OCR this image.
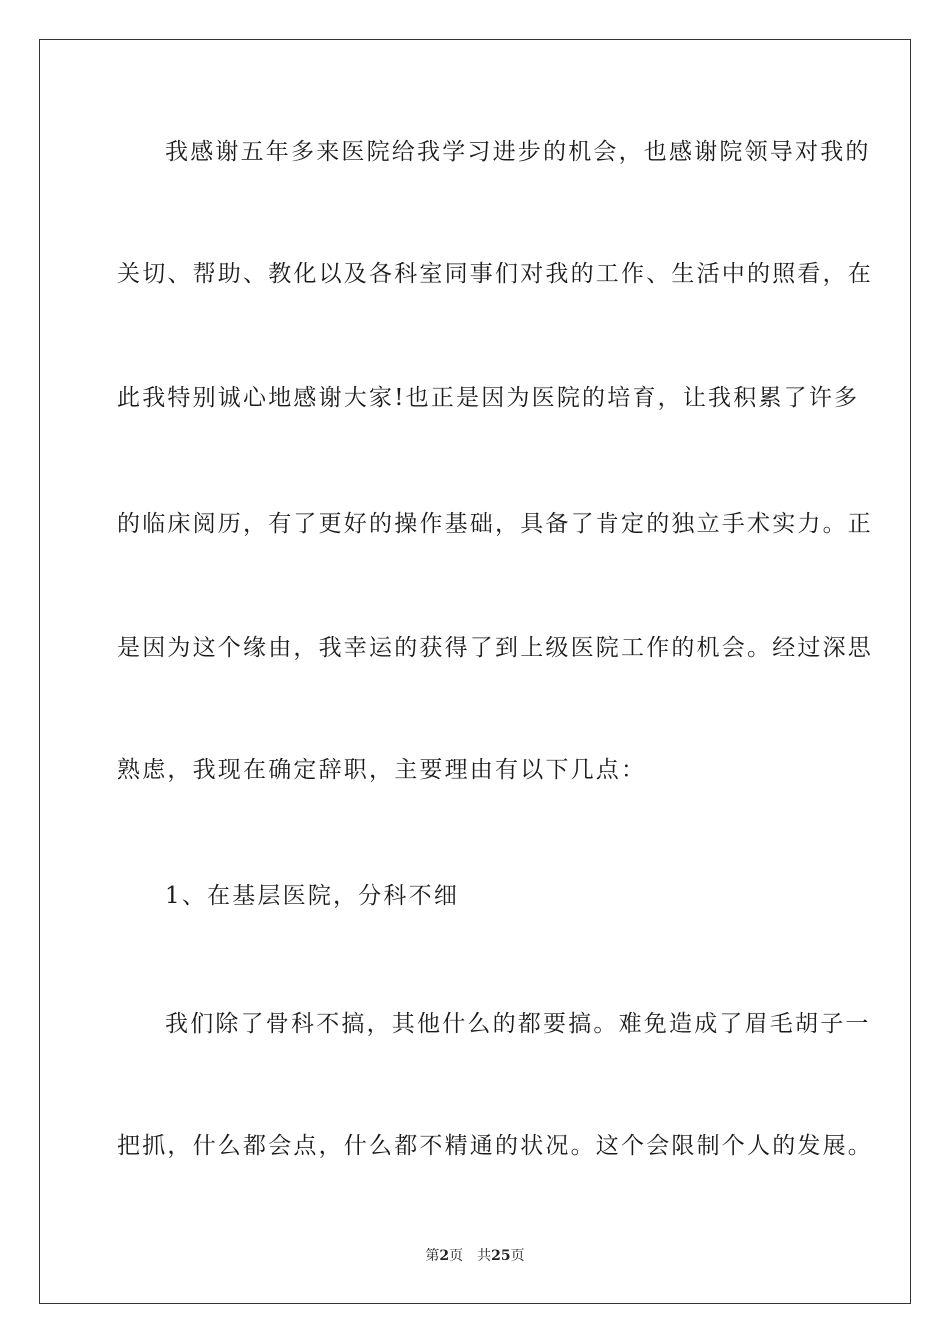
我感谢五年多来医院给我学习进步的机会，也感谢院领导对我的
关切、帮助、教化以及各科室同事们对我的工作、生活中的照看，在
此我特别诚心地感谢大家!也正是因为医院的培育，让我积累了许多
的临床阅历，有了更好的操作基础，具备了肯定的独立手术实力。正
是因为这个缘由，我幸运的获得了到上级医院工作的机会。经过深思
熟虑，我现在确定辞职，主要理由有以下几点：
1、在基层医院，分科不细
我们除了骨科不搞，其他什么的都要搞。难免造成了眉毛胡子一
把抓，什么都会点，什么都不精通的状况。这个会限制个人的发展。
第2页 共25页
